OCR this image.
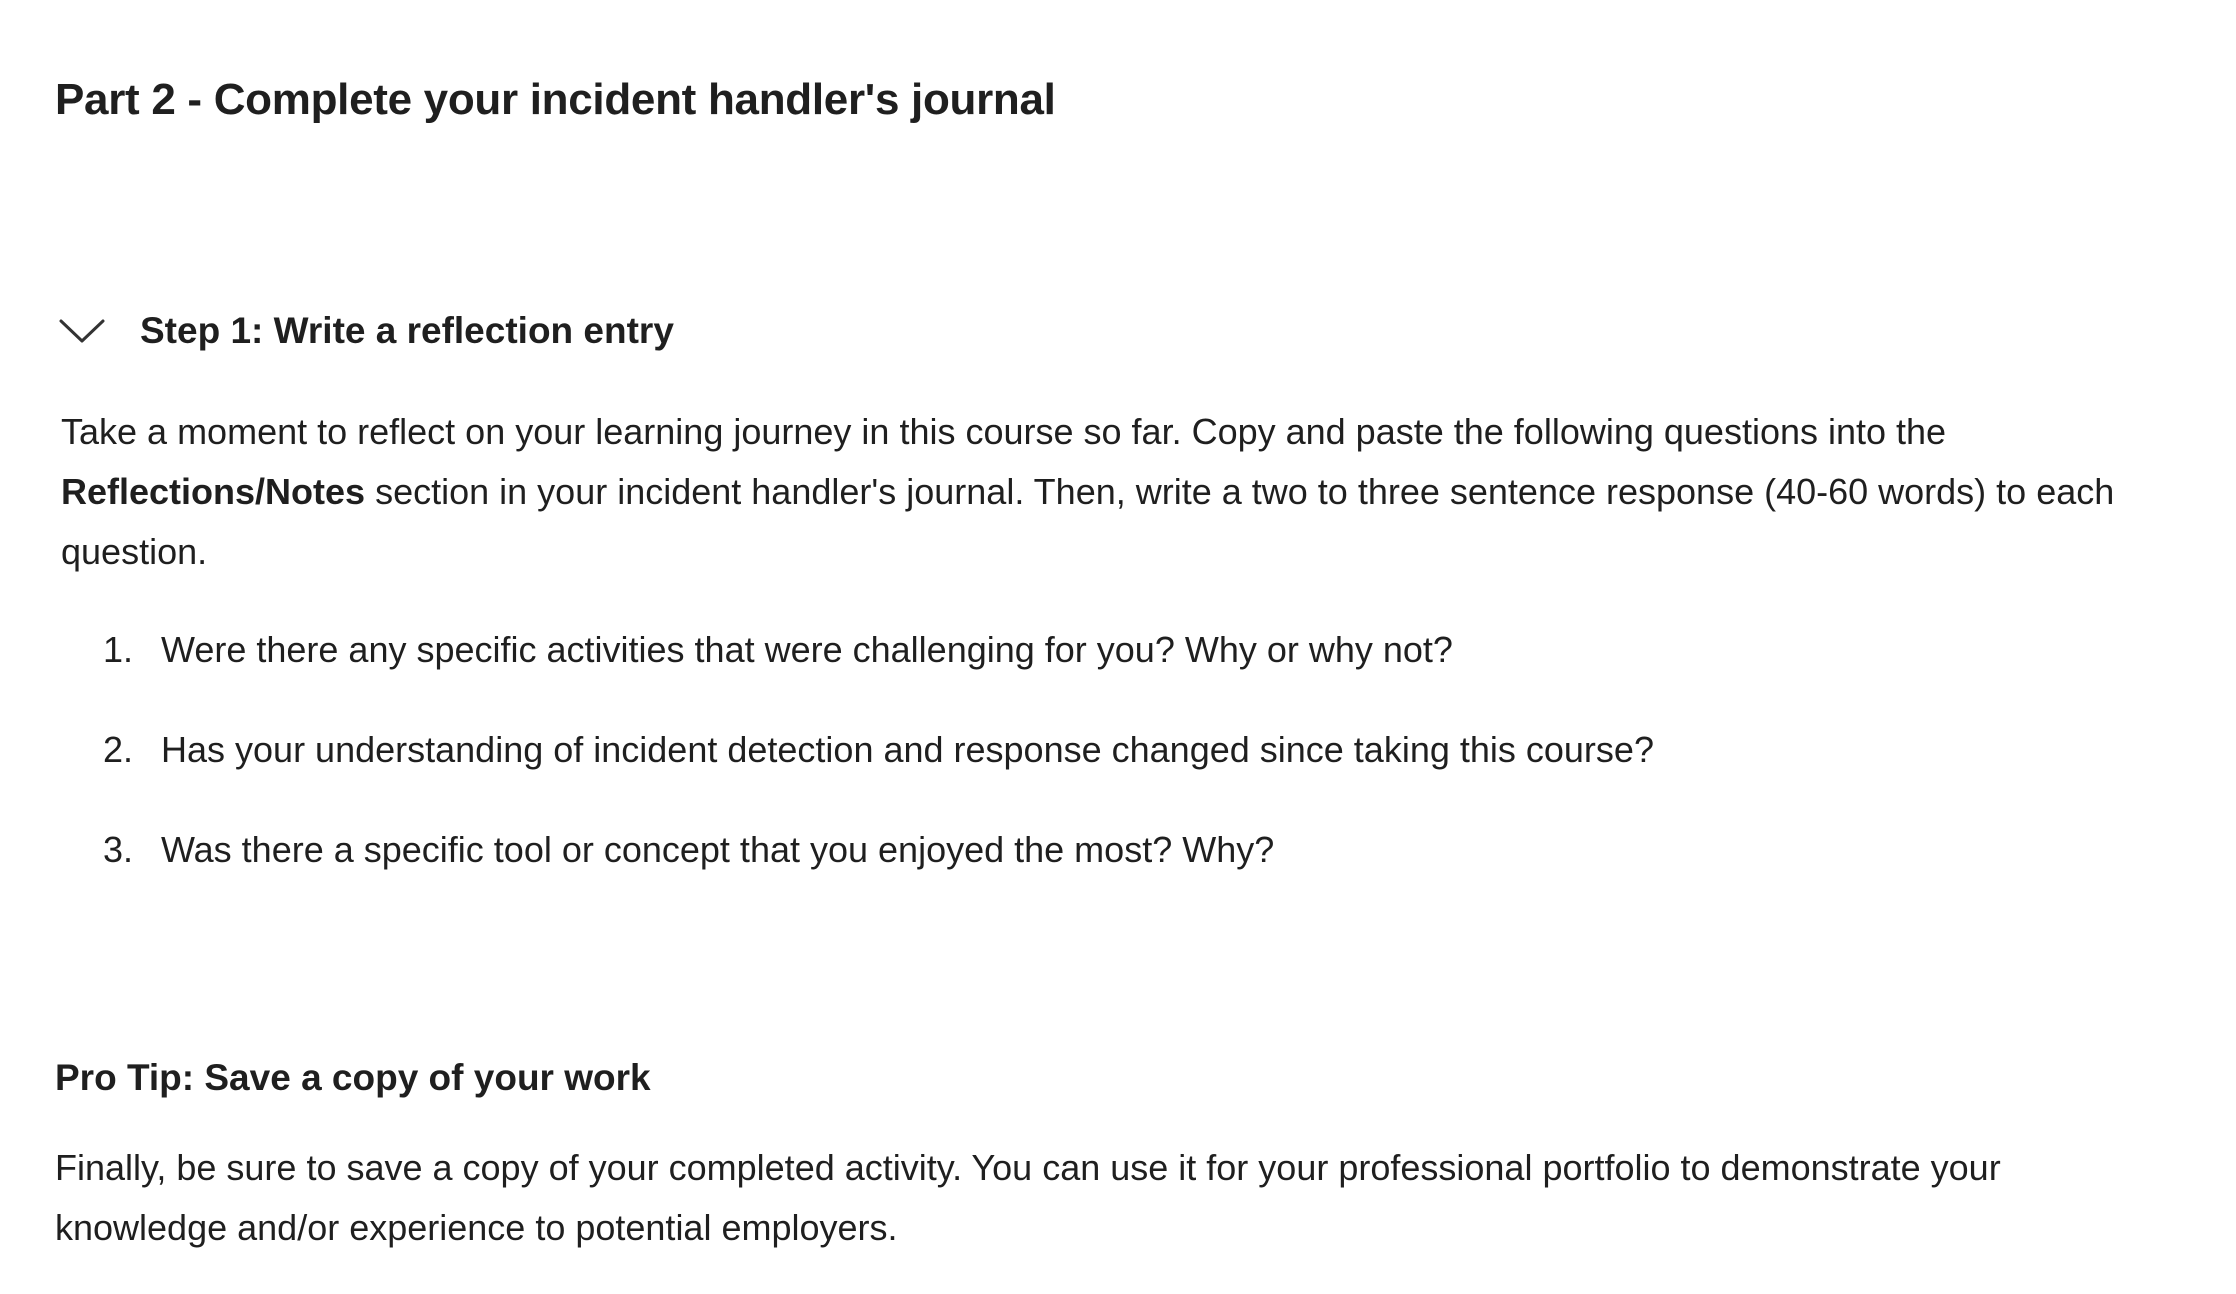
Part 2 - Complete your incident handler's journal
Step 1: Write a reflection entry

Take a moment to reflect on your learning journey in this course so far. Copy and paste the following questions into the Reflections/Notes section in your incident handler's journal. Then, write a two to three sentence response (40-60 words) to each question.

1. Were there any specific activities that were challenging for you? Why or why not?
2. Has your understanding of incident detection and response changed since taking this course?
3. Was there a specific tool or concept that you enjoyed the most? Why?
Pro Tip: Save a copy of your work

Finally, be sure to save a copy of your completed activity. You can use it for your professional portfolio to demonstrate your knowledge and/or experience to potential employers.
